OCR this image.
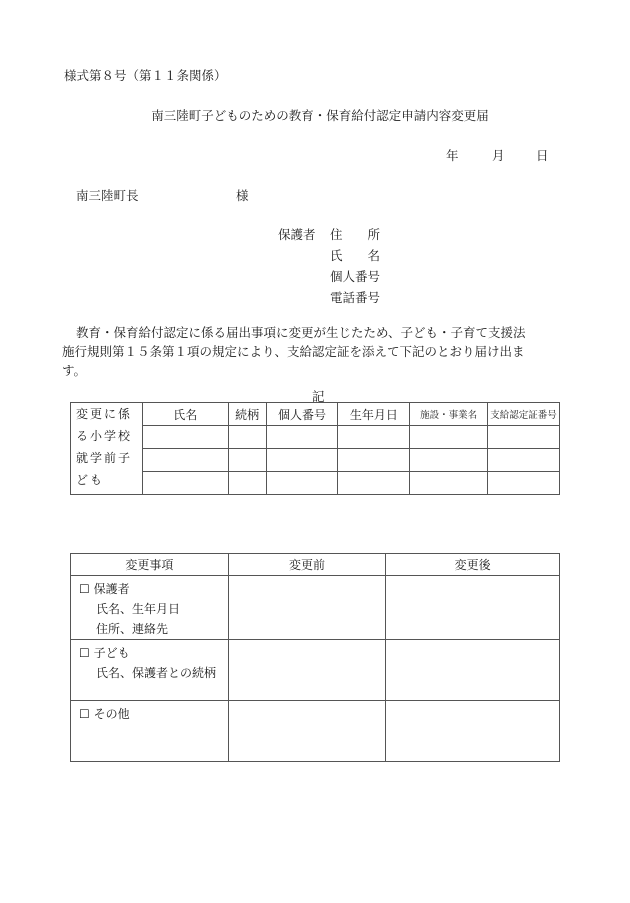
様式第８号（第１１条関係）
南三陸町子どものための教育・保育給付認定申請内容変更届
年	月	日
南三陸町長	様
保護者 住　　所
氏　　名
個人番号
電話番号
教育・保育給付認定に係る届出事項に変更が生じたため、子ども・子育て支援法
施行規則第１５条第１項の規定により、支給認定証を添えて下記のとおり届け出ま
す。
記
変更に係
る小学校
就学前子
ども	氏名	続柄	個人番号	生年月日	施設・事業名	支給認定証番号

変更事項	変更前	変更後
☐ 保護者
氏名、生年月日
住所、連絡先		

☐ 子ども
氏名、保護者との続柄		

☐ その他		
